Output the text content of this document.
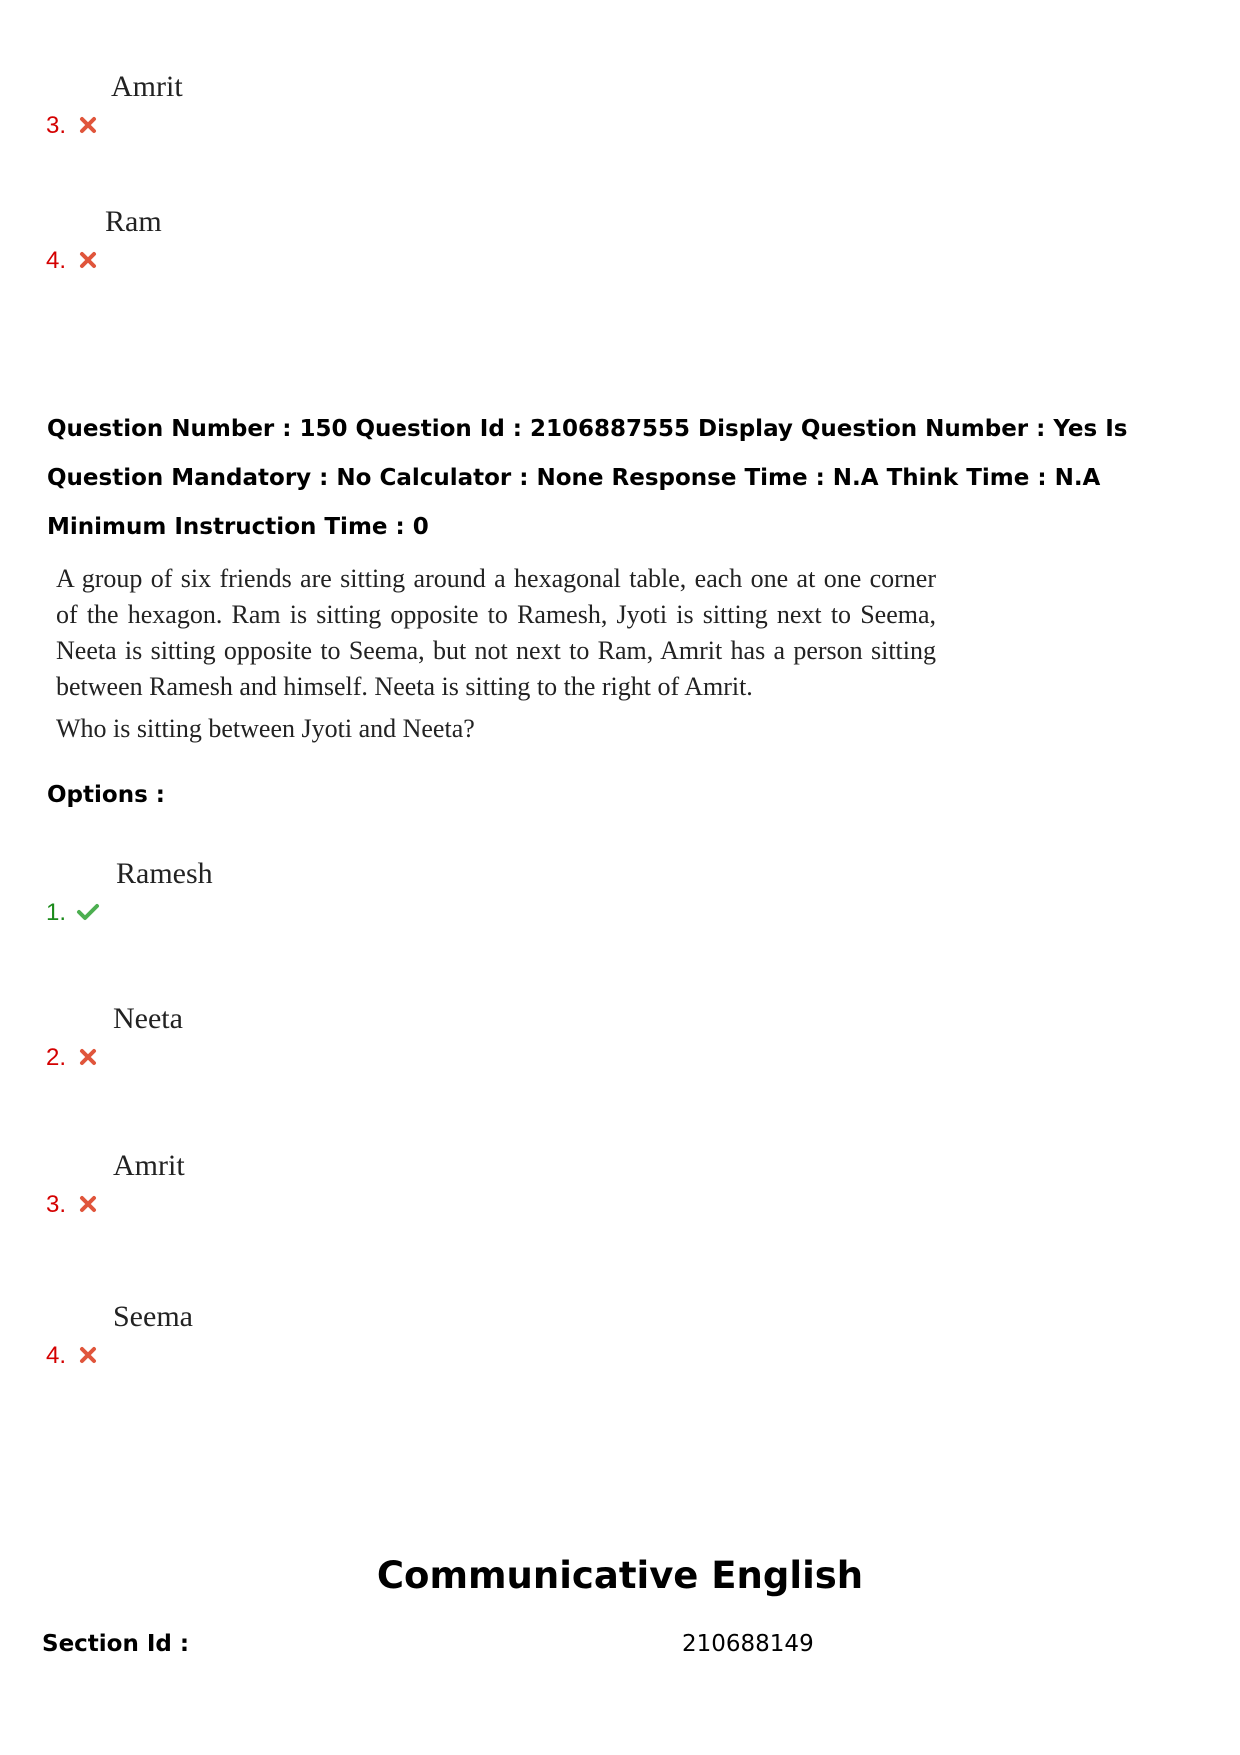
3.
Amrit
4.
Ram
Question Number : 150 Question Id : 2106887555 Display Question Number : Yes Is Question Mandatory : No Calculator : None Response Time : N.A Think Time : N.A Minimum Instruction Time : 0

A group of six friends are sitting around a hexagonal table, each one at one corner of the hexagon. Ram is sitting opposite to Ramesh, Jyoti is sitting next to Seema, Neeta is sitting opposite to Seema, but not next to Ram, Amrit has a person sitting between Ramesh and himself. Neeta is sitting to the right of Amrit.

Who is sitting between Jyoti and Neeta?

Options :
1.
Ramesh
2.
Neeta
3.
Amrit
4.
Seema
Communicative English
Section Id :	210688149
